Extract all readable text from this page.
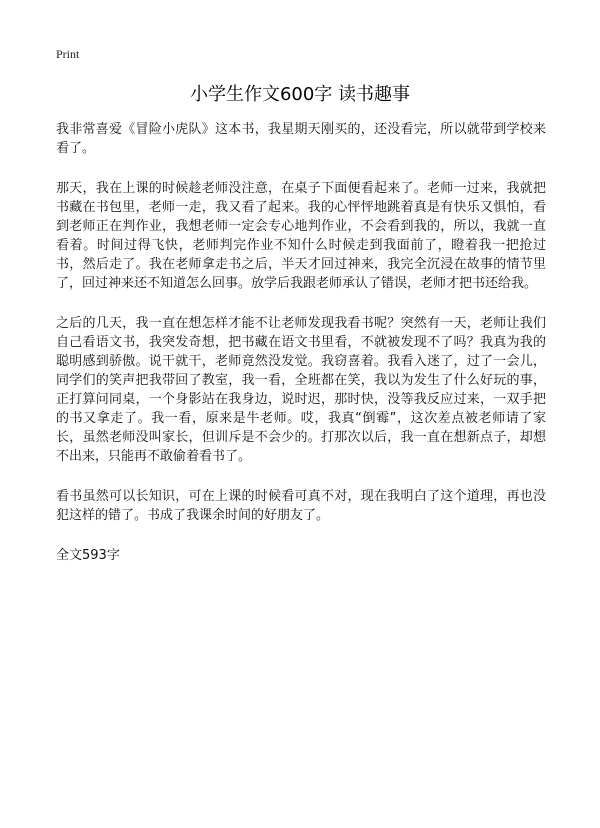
Print
小学生作文600字 读书趣事

我非常喜爱《冒险小虎队》这本书，我星期天刚买的，还没看完，所以就带到学校来看了。

那天，我在上课的时候趁老师没注意，在桌子下面便看起来了。老师一过来，我就把书藏在书包里，老师一走，我又看了起来。我的心怦怦地跳着真是有快乐又惧怕，看到老师正在判作业，我想老师一定会专心地判作业，不会看到我的，所以，我就一直看着。时间过得飞快，老师判完作业不知什么时候走到我面前了，瞪着我一把抢过书，然后走了。我在老师拿走书之后，半天才回过神来，我完全沉浸在故事的情节里了，回过神来还不知道怎么回事。放学后我跟老师承认了错误，老师才把书还给我。

之后的几天，我一直在想怎样才能不让老师发现我看书呢？突然有一天，老师让我们自己看语文书，我突发奇想，把书藏在语文书里看，不就被发现不了吗？我真为我的聪明感到骄傲。说干就干，老师竟然没发觉。我窃喜着。我看入迷了，过了一会儿，同学们的笑声把我带回了教室，我一看，全班都在笑，我以为发生了什么好玩的事，正打算问同桌，一个身影站在我身边，说时迟，那时快，没等我反应过来，一双手把的书又拿走了。我一看，原来是牛老师。哎，我真“倒霉”，这次差点被老师请了家长，虽然老师没叫家长，但训斥是不会少的。打那次以后，我一直在想新点子，却想不出来，只能再不敢偷着看书了。

看书虽然可以长知识，可在上课的时候看可真不对，现在我明白了这个道理，再也没犯这样的错了。书成了我课余时间的好朋友了。

全文593字
